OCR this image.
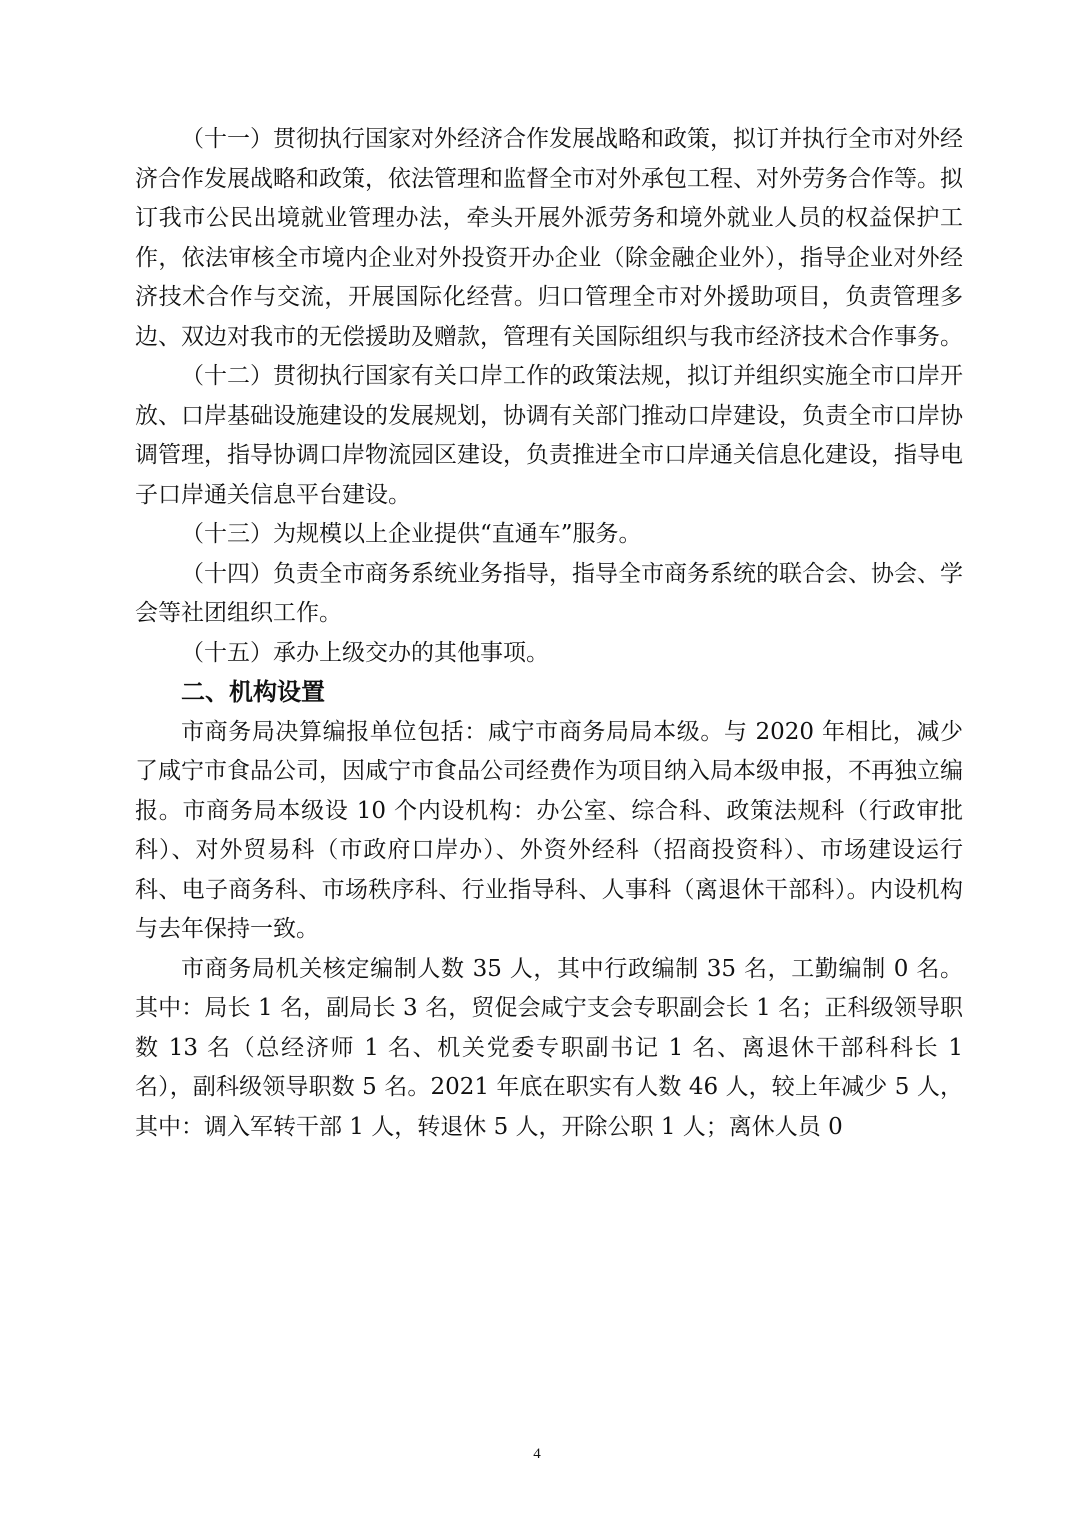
（十一）贯彻执行国家对外经济合作发展战略和政策，拟订并执行全市对外经济合作发展战略和政策，依法管理和监督全市对外承包工程、对外劳务合作等。拟订我市公民出境就业管理办法，牵头开展外派劳务和境外就业人员的权益保护工作，依法审核全市境内企业对外投资开办企业（除金融企业外），指导企业对外经济技术合作与交流，开展国际化经营。归口管理全市对外援助项目，负责管理多边、双边对我市的无偿援助及赠款，管理有关国际组织与我市经济技术合作事务。

（十二）贯彻执行国家有关口岸工作的政策法规，拟订并组织实施全市口岸开放、口岸基础设施建设的发展规划，协调有关部门推动口岸建设，负责全市口岸协调管理，指导协调口岸物流园区建设，负责推进全市口岸通关信息化建设，指导电子口岸通关信息平台建设。

（十三）为规模以上企业提供“直通车”服务。

（十四）负责全市商务系统业务指导，指导全市商务系统的联合会、协会、学会等社团组织工作。

（十五）承办上级交办的其他事项。

二、机构设置

市商务局决算编报单位包括：咸宁市商务局局本级。与 2020 年相比，减少了咸宁市食品公司，因咸宁市食品公司经费作为项目纳入局本级申报，不再独立编报。市商务局本级设 10 个内设机构：办公室、综合科、政策法规科（行政审批科）、对外贸易科（市政府口岸办）、外资外经科（招商投资科）、市场建设运行科、电子商务科、市场秩序科、行业指导科、人事科（离退休干部科）。内设机构与去年保持一致。

市商务局机关核定编制人数 35 人，其中行政编制 35 名，工勤编制 0 名。其中：局长 1 名，副局长 3 名，贸促会咸宁支会专职副会长 1 名；正科级领导职数 13 名（总经济师 1 名、机关党委专职副书记 1 名、离退休干部科科长 1 名），副科级领导职数 5 名。2021 年底在职实有人数 46 人，较上年减少 5 人，其中：调入军转干部 1 人，转退休 5 人，开除公职 1 人；离休人员 0

4
